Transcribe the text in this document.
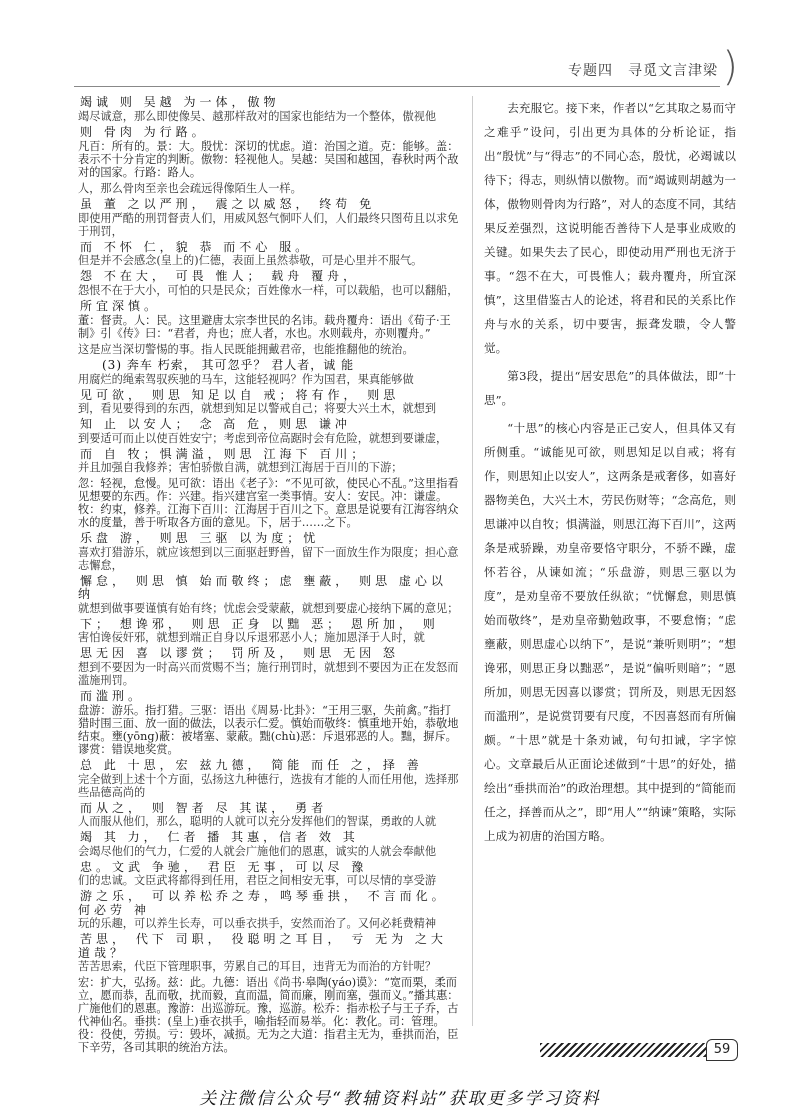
专题四　寻觅文言津梁 )

竭诚 则 吴越 为一体，傲物

竭尽诚意，那么即使像吴、越那样敌对的国家也能结为一个整体，傲视他

则 骨肉 为行路。

凡百：所有的。景：大。殷忧：深切的忧虑。道：治国之道。克：能够。盖：表示不十分肯定的判断。傲物：轻视他人。吴越：吴国和越国，春秋时两个敌对的国家。行路：路人。

人，那么骨肉至亲也会疏远得像陌生人一样。

虽 董 之以严刑， 震之以威怒， 终苟 免

即使用严酷的刑罚督责人们，用威风怒气恫吓人们，人们最终只图苟且以求免于刑罚，

而 不怀 仁，貌 恭 而不心 服。

但是并不会感念(皇上的)仁德，表面上虽然恭敬，可是心里并不服气。

怨 不在大， 可畏 惟人； 载舟 覆舟，

怨恨不在于大小，可怕的只是民众；百姓像水一样，可以载船，也可以翻船，

所宜深慎。

董：督责。人：民。这里避唐太宗李世民的名讳。载舟覆舟：语出《荀子·王制》引《传》曰：“君者，舟也；庶人者，水也。水则载舟，亦则覆舟。”

这是应当深切警惕的事。指人民既能拥戴君帝，也能推翻他的统治。

(3) 奔车 朽索， 其可忽乎？ 君人者，诚 能

用腐烂的绳索驾驭疾驰的马车，这能轻视吗？作为国君，果真能够做

见可欲， 则思 知足以自 戒；将有作， 则思

到，看见要得到的东西，就想到知足以警戒自己；将要大兴土木，就想到

知 止 以安人； 念 高 危，则思 谦冲

到要适可而止以使百姓安宁；考虑到帝位高踞时会有危险，就想到要谦虚，

而 自 牧；惧满溢，则思 江海下 百川；

并且加强自我修养；害怕骄傲自满，就想到江海居于百川的下游；

忽：轻视，怠慢。见可欲：语出《老子》：“不见可欲，使民心不乱。”这里指看见想要的东西。作：兴建。指兴建宫室一类事情。安人：安民。冲：谦虚。牧：约束，修养。江海下百川：江海居于百川之下。意思是说要有江海容纳众水的度量，善于听取各方面的意见。下，居于……之下。

乐盘 游， 则思 三驱 以为度；忧

喜欢打猎游乐，就应该想到以三面驱赶野兽，留下一面放生作为限度；担心意志懈怠，

懈怠， 则思 慎 始而敬终；虑 壅蔽， 则思 虚心以纳

就想到做事要谨慎有始有终；忧虑会受蒙蔽，就想到要虚心接纳下属的意见；

下； 想谗邪， 则思 正身 以黜 恶； 恩所加， 则

害怕谗佞奸邪，就想到端正自身以斥退邪恶小人；施加恩泽于人时，就

思无因 喜 以谬赏； 罚所及， 则思 无因 怒

想到不要因为一时高兴而赏赐不当；施行刑罚时，就想到不要因为正在发怒而滥施刑罚。

而滥刑。

盘游：游乐。指打猎。三驱：语出《周易·比卦》：“王用三驱，失前禽。”指打猎时围三面、放一面的做法，以表示仁爱。慎始而敬终：慎重地开始，恭敬地结束。壅(yōng)蔽：被堵塞、蒙蔽。黜(chù)恶：斥退邪恶的人。黜，摒斥。谬赏：错误地奖赏。

总 此 十思，宏 兹九德， 简能 而任 之，择 善

完全做到上述十个方面，弘扬这九种德行，选拔有才能的人而任用他，选择那些品德高尚的

而从之， 则 智者 尽 其谋， 勇者

人而服从他们，那么，聪明的人就可以充分发挥他们的智谋，勇敢的人就

竭 其 力， 仁者 播 其惠，信者 效 其

会竭尽他们的气力，仁爱的人就会广施他们的恩惠，诚实的人就会奉献他

忠。文武 争驰， 君臣 无事，可以尽 豫

们的忠诚。文臣武将都得到任用，君臣之间相安无事，可以尽情的享受游

游之乐， 可以养松乔之寿，鸣琴垂拱， 不言而化。 何必劳 神

玩的乐趣，可以养生长寿，可以垂衣拱手，安然而治了。又何必耗费精神

苦思， 代下 司职， 役聪明之耳目， 亏 无为 之大道哉？

苦苦思索，代臣下管理职事，劳累自己的耳目，违背无为而治的方针呢？

宏：扩大，弘扬。兹：此。九德：语出《尚书·皋陶(yáo)谟》：“宽而栗，柔而立，愿而恭，乱而敬，扰而毅，直而温，简而廉，刚而塞，强而义。”播其惠：广施他们的恩惠。豫游：出巡游玩。豫，巡游。松乔：指赤松子与王子乔，古代神仙名。垂拱：(皇上)垂衣拱手，喻指轻而易举。化：教化。司：管理。役：役使，劳损。亏：毁坏，减损。无为之大道：指君主无为，垂拱而治，臣下辛劳，各司其职的统治方法。

去充服它。接下来，作者以“乞其取之易而守之难乎”设问，引出更为具体的分析论证，指出“殷忧”与“得志”的不同心态，殷忧，必竭诚以待下；得志，则纵情以傲物。而“竭诚则胡越为一体，傲物则骨肉为行路”，对人的态度不同，其结果反差强烈，这说明能否善待下人是事业成败的关键。如果失去了民心，即使动用严刑也无济于事。“怨不在大，可畏惟人；载舟覆舟，所宜深慎”，这里借鉴古人的论述，将君和民的关系比作舟与水的关系，切中要害，振聋发聩，令人警觉。

第3段，提出“居安思危”的具体做法，即“十思”。

“十思”的核心内容是正己安人，但具体又有所侧重。“诚能见可欲，则思知足以自戒；将有作，则思知止以安人”，这两条是戒奢侈，如喜好器物美色，大兴土木，劳民伤财等；“念高危，则思谦冲以自牧；惧满溢，则思江海下百川”，这两条是戒骄躁，劝皇帝要恪守职分，不骄不躁，虚怀若谷，从谏如流；“乐盘游，则思三驱以为度”，是劝皇帝不要放任纵欲；“忧懈怠，则思慎始而敬终”，是劝皇帝勤勉政事，不要怠惰；“虑壅蔽，则思虚心以纳下”，是说“兼听则明”；“想谗邪，则思正身以黜恶”，是说“偏听则暗”；“恩所加，则思无因喜以谬赏；罚所及，则思无因怒而滥刑”，是说赏罚要有尺度，不因喜怒而有所偏颇。“十思”就是十条劝诫，句句扣诫，字字惊心。文章最后从正面论述做到“十思”的好处，描绘出“垂拱而治”的政治理想。其中提到的“简能而任之，择善而从之”，即“用人”“纳谏”策略，实际上成为初唐的治国方略。

59
关注微信公众号“教辅资料站”获取更多学习资料
